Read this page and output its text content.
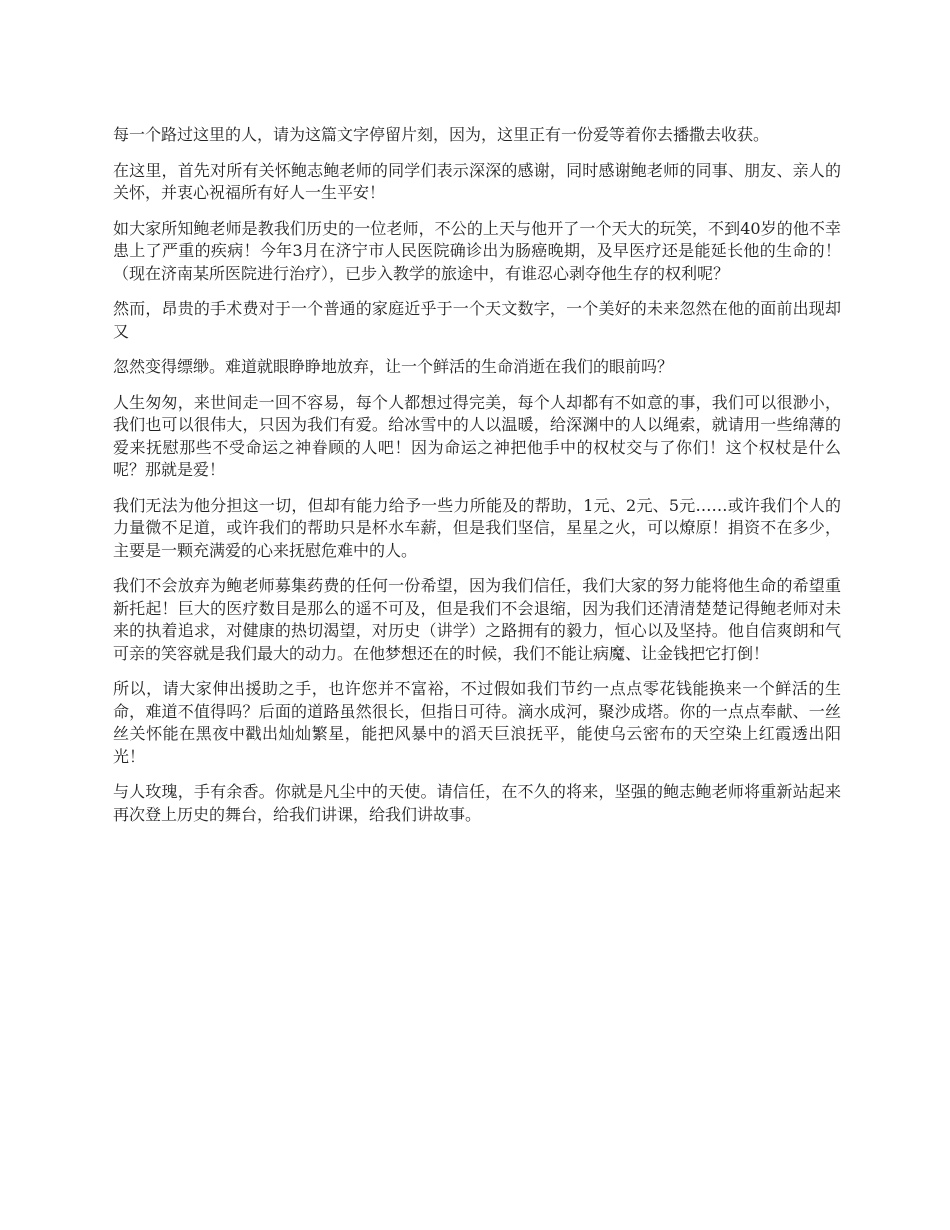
每一个路过这里的人，请为这篇文字停留片刻，因为，这里正有一份爱等着你去播撒去收获。

在这里，首先对所有关怀鲍志鲍老师的同学们表示深深的感谢，同时感谢鲍老师的同事、朋友、亲人的关怀，并衷心祝福所有好人一生平安！

如大家所知鲍老师是教我们历史的一位老师，不公的上天与他开了一个天大的玩笑，不到40岁的他不幸患上了严重的疾病！今年3月在济宁市人民医院确诊出为肠癌晚期，及早医疗还是能延长他的生命的！（现在济南某所医院进行治疗），已步入教学的旅途中，有谁忍心剥夺他生存的权利呢？

然而，昂贵的手术费对于一个普通的家庭近乎于一个天文数字，一个美好的未来忽然在他的面前出现却又

忽然变得缥缈。难道就眼睁睁地放弃，让一个鲜活的生命消逝在我们的眼前吗？

人生匆匆，来世间走一回不容易，每个人都想过得完美，每个人却都有不如意的事，我们可以很渺小，我们也可以很伟大，只因为我们有爱。给冰雪中的人以温暖，给深渊中的人以绳索，就请用一些绵薄的爱来抚慰那些不受命运之神眷顾的人吧！因为命运之神把他手中的权杖交与了你们！这个权杖是什么呢？那就是爱！

我们无法为他分担这一切，但却有能力给予一些力所能及的帮助，1元、2元、5元……或许我们个人的力量微不足道，或许我们的帮助只是杯水车薪，但是我们坚信，星星之火，可以燎原！捐资不在多少，主要是一颗充满爱的心来抚慰危难中的人。

我们不会放弃为鲍老师募集药费的任何一份希望，因为我们信任，我们大家的努力能将他生命的希望重新托起！巨大的医疗数目是那么的遥不可及，但是我们不会退缩，因为我们还清清楚楚记得鲍老师对未来的执着追求，对健康的热切渴望，对历史（讲学）之路拥有的毅力，恒心以及坚持。他自信爽朗和气可亲的笑容就是我们最大的动力。在他梦想还在的时候，我们不能让病魔、让金钱把它打倒！

所以，请大家伸出援助之手，也许您并不富裕，不过假如我们节约一点点零花钱能换来一个鲜活的生命，难道不值得吗？后面的道路虽然很长，但指日可待。滴水成河，聚沙成塔。你的一点点奉献、一丝丝关怀能在黑夜中戳出灿灿繁星，能把风暴中的滔天巨浪抚平，能使乌云密布的天空染上红霞透出阳光！

与人玫瑰，手有余香。你就是凡尘中的天使。请信任，在不久的将来，坚强的鲍志鲍老师将重新站起来再次登上历史的舞台，给我们讲课，给我们讲故事。
